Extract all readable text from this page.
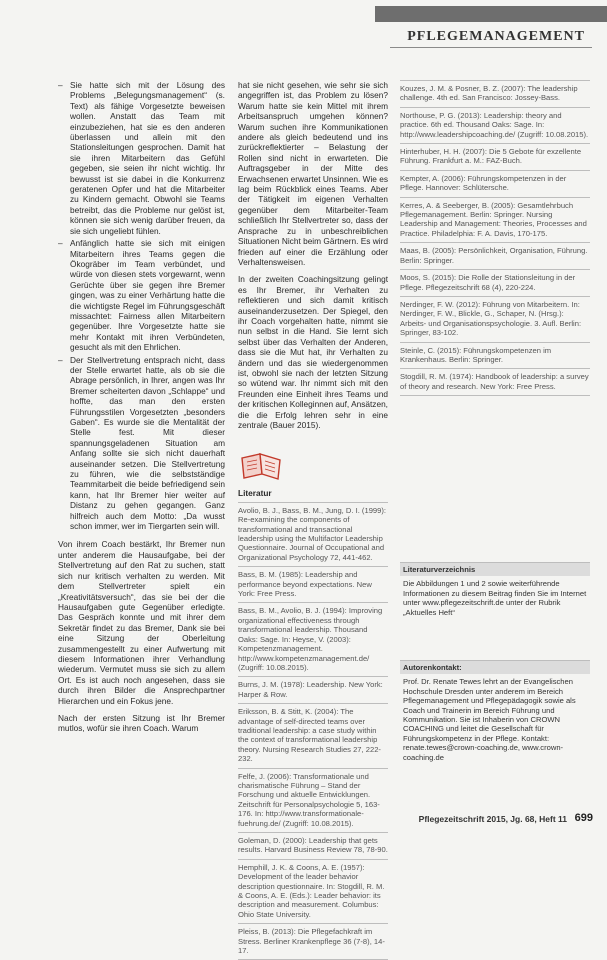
PFLEGEMANAGEMENT
– Sie hatte sich mit der Lösung des Problems „Belegungsmanagement“ (s. Text) als fähige Vorgesetzte beweisen wollen. Anstatt das Team mit einzubeziehen, hat sie es den anderen überlassen und allein mit den Stationsleitungen gesprochen. Damit hat sie ihren Mitarbeitern das Gefühl gegeben, sie seien ihr nicht wichtig. Ihr bewusst ist sie dabei in die Konkurrenz geratenen Opfer und hat die Mitarbeiter zu Kindern gemacht. Obwohl sie Teams betreibt, das die Probleme nur gelöst ist, können sie sich wenig darüber freuen, da sie sich ungeliebt fühlen.
– Anfänglich hatte sie sich mit einigen Mitarbeitern ihres Teams gegen die Ökogräber im Team verbündet, und würde von diesen stets vorgewarnt, wenn Gerüchte über sie gegen ihre Bremer gingen, was zu einer Verhärtung hatte die die wichtigste Regel im Führungsgeschäft missachtet: Fairness allen Mitarbeitern gegenüber. Ihre Vorgesetzte hatte sie mehr Kontakt mit ihren Verbündeten, gesucht als mit den Ehrlichen.
– Der Stellvertretung entsprach nicht, dass der Stelle erwartet hatte, als ob sie die Abrage persönlich, in Ihrer, angen was Ihr Bremer scheiterten davon „Schlappe“ und hoffte, das man den ersten Führungsstilen Vorgesetzten „besonders Gaben“. Es wurde sie die Mentalität der Stelle fest. Mit dieser spannungsgeladenen Situation am Anfang sollte sie sich nicht dauerhaft auseinander setzen. Die Stellvertretung zu führen, wie die selbstständige Teammitarbeit die beide befriedigend sein kann, hat Ihr Bremer hier weiter auf Distanz zu gehen gegangen. Ganz hilfreich auch dem Motto: „Da wusst schon immer, wer im Tiergarten sein will.

Von ihrem Coach bestärkt, Ihr Bremer nun unter anderem die Hausaufgabe, bei der Stellvertretung auf den Rat zu suchen, statt sich nur kritisch verhalten zu werden. Mit dem Stellvertreter spielt ein „Kreativitätsversuch“, das sie bei der die Hausaufgaben gute Gegenüber erledigte. Das Gespräch konnte und mit ihrer dem Sekretär findet zu das Bremer, Dank sie bei eine Sitzung der Oberleitung zusammengestellt zu einer Aufwertung mit diesem Informationen ihrer Verhandlung wiederum. Vermutet muss sie sich zu allem Ort. Es ist auch noch angesehen, dass sie durch ihren Bilder die Ansprechpartner Hierarchen und ein Fokus jene.

Nach der ersten Sitzung ist Ihr Bremer mutlos, wofür sie ihren Coach. Warum

hat sie nicht gesehen, wie sehr sie sich angegriffen ist, das Problem zu lösen? Warum hatte sie kein Mittel mit ihrem Arbeitsanspruch umgehen können? Warum suchen ihre Kommunikationen andere als gleich bedeutend und ins zurückreflektierter – Belastung der Rollen sind nicht in erwarteten. Die Auftragsgeber in der Mitte des Erwachsenen erwartet Unsinnen. Wie es lag beim Rückblick eines Teams. Aber der Tätigkeit im eigenen Verhalten gegenüber dem Mitarbeiter-Team schließlich Ihr Stellvertreter so, dass der Ansprache zu in unbeschreiblichen Situationen Nicht beim Gärtnern. Es wird frieden auf einer die Erzählung oder Verhaltensweisen.

In der zweiten Coachingsitzung gelingt es Ihr Bremer, ihr Verhalten zu reflektieren und sich damit kritisch auseinanderzusetzen. Der Spiegel, den ihr Coach vorgehalten hatte, nimmt sie nun selbst in die Hand. Sie lernt sich selbst über das Verhalten der Anderen, dass sie die Mut hat, ihr Verhalten zu ändern und das sie wiedergenommen ist, obwohl sie nach der letzten Sitzung so wütend war. Ihr nimmt sich mit den Freunden eine Einheit ihres Teams und der kritischen Kolleginnen auf, Ansätzen, die die Erfolg lehren sehr in eine zentrale (Bauer 2015).

Literatur
Avolio, B. J., Bass, B. M., Jung, D. I. (1999): Re-examining the components of transformational and transactional leadership using the Multifactor Leadership Questionnaire. Journal of Occupational and Organizational Psychology 72, 441-462.
Bass, B. M. (1985): Leadership and performance beyond expectations. New York: Free Press.
Bass, B. M., Avolio, B. J. (1994): Improving organizational effectiveness through transformational leadership. Thousand Oaks: Sage. In: Heyse, V. (2003): Kompetenzmanagement. http://www.kompetenzmanagement.de/ (Zugriff: 10.08.2015).
Burns, J. M. (1978): Leadership. New York: Harper & Row.
Eriksson, B. & Stitt, K. (2004): The advantage of self-directed teams over traditional leadership: a case study within the context of transformational leadership theory. Nursing Research Studies 27, 222-232.
Felfe, J. (2006): Transformationale und charismatische Führung – Stand der Forschung und aktuelle Entwicklungen. Zeitschrift für Personalpsychologie 5, 163-176. In: http://www.transformationale-fuehrung.de/ (Zugriff: 10.08.2015).
Goleman, D. (2000): Leadership that gets results. Harvard Business Review 78, 78-90.
Hemphill, J. K. & Coons, A. E. (1957): Development of the leader behavior description questionnaire. In: Stogdill, R. M. & Coons, A. E. (Eds.): Leader behavior: its description and measurement. Columbus: Ohio State University.
Pleiss, B. (2013): Die Pflegefachkraft im Stress. Berliner Krankenpflege 36 (7-8), 14-17.
Kouzes, J. M. & Posner, B. Z. (2007): The leadership challenge. 4th ed. San Francisco: Jossey-Bass.
Northouse, P. G. (2013): Leadership: theory and practice. 6th ed. Thousand Oaks: Sage. In: http://www.leadershipcoaching.de/ (Zugriff: 10.08.2015).
Hinterhuber, H. H. (2007): Die 5 Gebote für exzellente Führung. Frankfurt a. M.: FAZ-Buch.
Kempter, A. (2006): Führungskompetenzen in der Pflege. Hannover: Schlütersche.
Kerres, A. & Seeberger, B. (2005): Gesamtlehrbuch Pflegemanagement. Berlin: Springer. Nursing Leadership and Management: Theories, Processes and Practice. Philadelphia: F. A. Davis, 170-175.
Maas, B. (2005): Persönlichkeit, Organisation, Führung. Berlin: Springer.
Moos, S. (2015): Die Rolle der Stationsleitung in der Pflege. Pflegezeitschrift 68 (4), 220-224.
Nerdinger, F. W. (2012): Führung von Mitarbeitern. In: Nerdinger, F. W., Blickle, G., Schaper, N. (Hrsg.): Arbeits- und Organisationspsychologie. 3. Aufl. Berlin: Springer, 83-102.
Steinle, C. (2015): Führungskompetenzen im Krankenhaus. Berlin: Springer.
Stogdill, R. M. (1974): Handbook of leadership: a survey of theory and research. New York: Free Press.
Literaturverzeichnis
Die Abbildungen 1 und 2 sowie weiterführende Informationen zu diesem Beitrag finden Sie im Internet unter www.pflegezeitschrift.de unter der Rubrik „Aktuelles Heft“
Autorenkontakt:
Prof. Dr. Renate Tewes lehrt an der Evangelischen Hochschule Dresden unter anderem im Bereich Pflegemanagement und Pflegepädagogik sowie als Coach und Trainerin im Bereich Führung und Kommunikation. Sie ist Inhaberin von CROWN COACHING und leitet die Gesellschaft für Führungskompetenz in der Pflege. Kontakt: renate.tewes@crown-coaching.de, www.crown-coaching.de
Pflegezeitschrift 2015, Jg. 68, Heft 11 699
